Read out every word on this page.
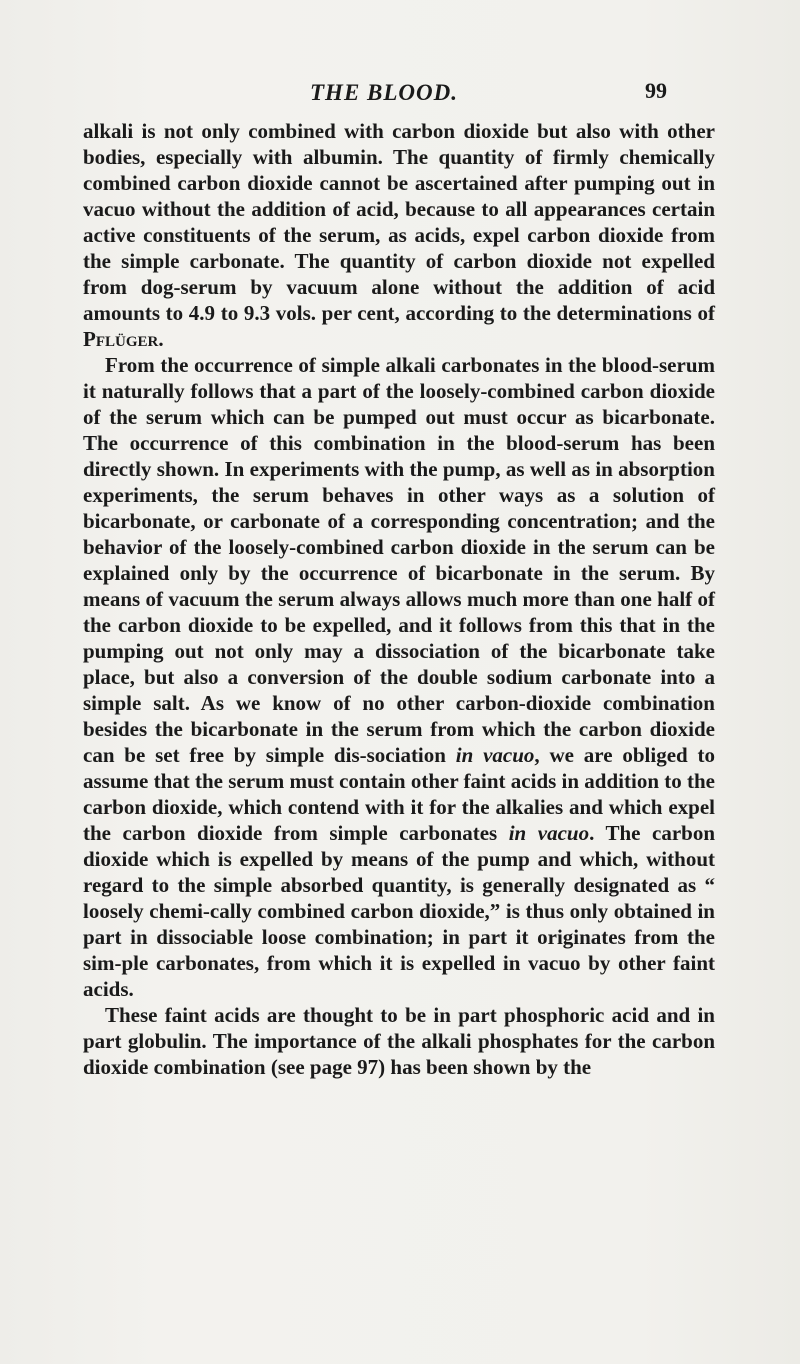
THE BLOOD.	99

alkali is not only combined with carbon dioxide but also with other bodies, especially with albumin. The quantity of firmly chemically combined carbon dioxide cannot be ascertained after pumping out in vacuo without the addition of acid, because to all appearances certain active constituents of the serum, as acids, expel carbon dioxide from the simple carbonate. The quantity of carbon dioxide not expelled from dog-serum by vacuum alone without the addition of acid amounts to 4.9 to 9.3 vols. per cent, according to the determinations of Pflüger.

From the occurrence of simple alkali carbonates in the blood-serum it naturally follows that a part of the loosely-combined carbon dioxide of the serum which can be pumped out must occur as bicarbonate. The occurrence of this combination in the blood-serum has been directly shown. In experiments with the pump, as well as in absorption experiments, the serum behaves in other ways as a solution of bicarbonate, or carbonate of a corresponding concentration; and the behavior of the loosely-combined carbon dioxide in the serum can be explained only by the occurrence of bicarbonate in the serum. By means of vacuum the serum always allows much more than one half of the carbon dioxide to be expelled, and it follows from this that in the pumping out not only may a dissociation of the bicarbonate take place, but also a conversion of the double sodium carbonate into a simple salt. As we know of no other carbon-dioxide combination besides the bicarbonate in the serum from which the carbon dioxide can be set free by simple dis-sociation in vacuo, we are obliged to assume that the serum must contain other faint acids in addition to the carbon dioxide, which contend with it for the alkalies and which expel the carbon dioxide from simple carbonates in vacuo. The carbon dioxide which is expelled by means of the pump and which, without regard to the simple absorbed quantity, is generally designated as “ loosely chemi-cally combined carbon dioxide,” is thus only obtained in part in dissociable loose combination; in part it originates from the sim-ple carbonates, from which it is expelled in vacuo by other faint acids.

These faint acids are thought to be in part phosphoric acid and in part globulin. The importance of the alkali phosphates for the carbon dioxide combination (see page 97) has been shown by the
